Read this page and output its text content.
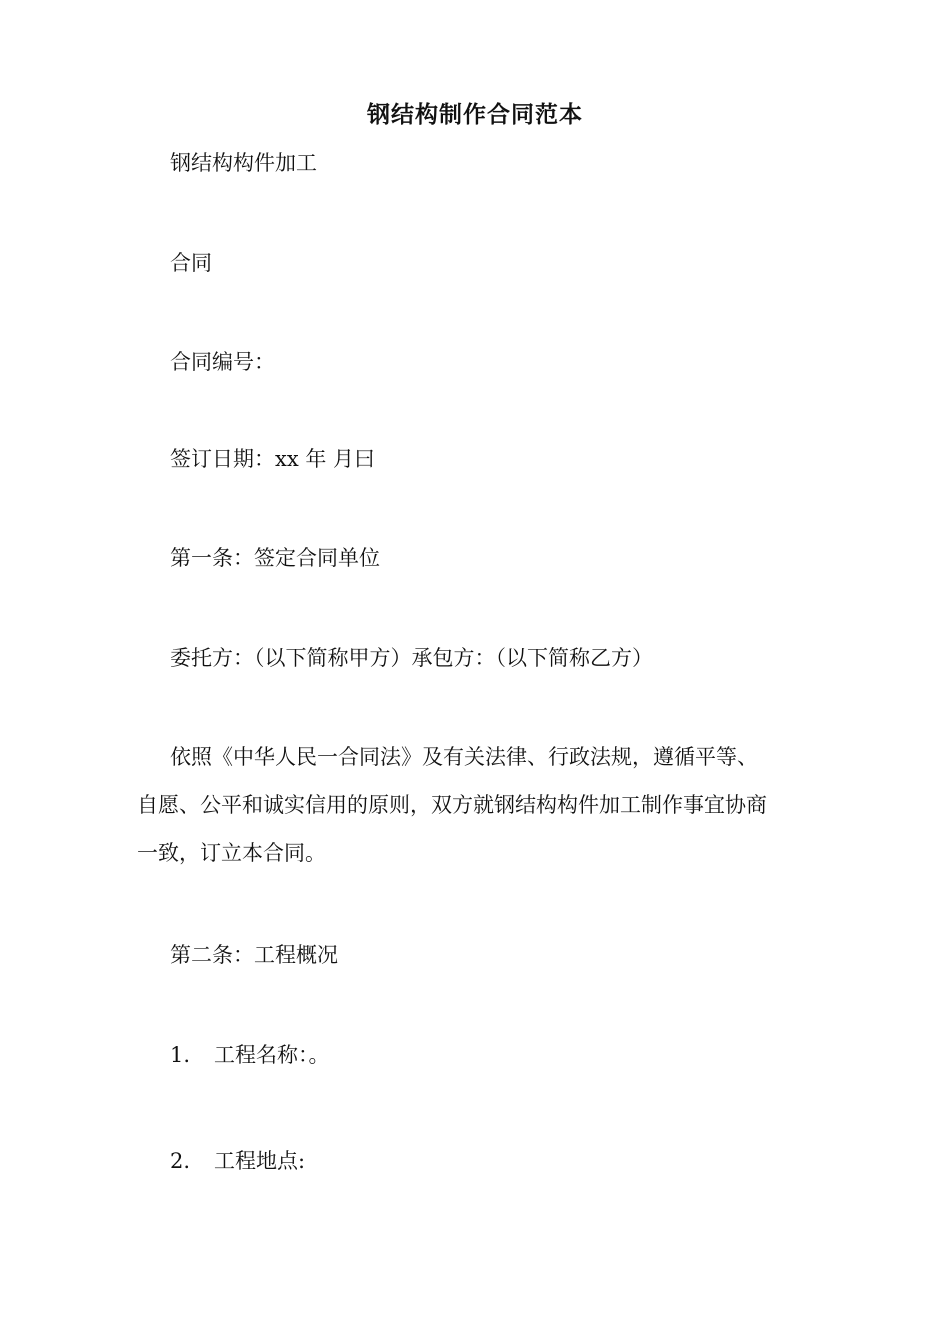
钢结构制作合同范本
钢结构构件加工
合同
合同编号：
签订日期：xx 年 月曰
第一条：签定合同单位
委托方：（以下简称甲方）承包方：（以下简称乙方）
依照《中华人民一合同法》及有关法律、行政法规，遵循平等、
自愿、公平和诚实信用的原则，双方就钢结构构件加工制作事宜协商
一致，订立本合同。
第二条：工程概况
1. 工程名称：。
2. 工程地点:
